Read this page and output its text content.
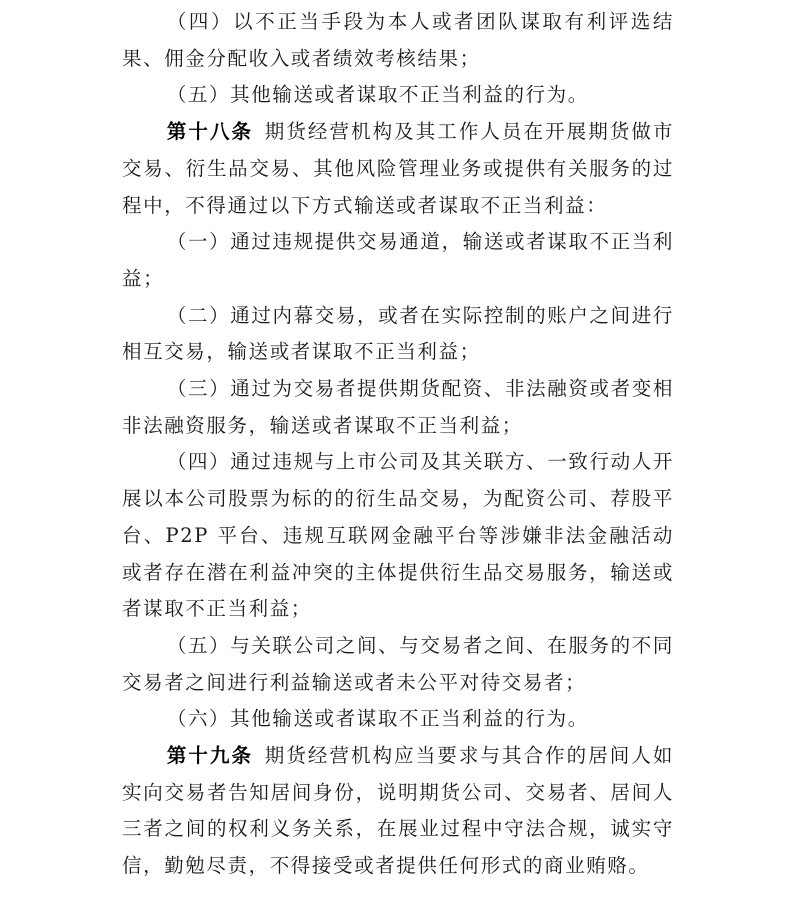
（四）以不正当手段为本人或者团队谋取有利评选结果、佣金分配收入或者绩效考核结果；

（五）其他输送或者谋取不正当利益的行为。

第十八条 期货经营机构及其工作人员在开展期货做市交易、衍生品交易、其他风险管理业务或提供有关服务的过程中，不得通过以下方式输送或者谋取不正当利益：

（一）通过违规提供交易通道，输送或者谋取不正当利益；

（二）通过内幕交易，或者在实际控制的账户之间进行相互交易，输送或者谋取不正当利益；

（三）通过为交易者提供期货配资、非法融资或者变相非法融资服务，输送或者谋取不正当利益；

（四）通过违规与上市公司及其关联方、一致行动人开展以本公司股票为标的的衍生品交易，为配资公司、荐股平台、P2P 平台、违规互联网金融平台等涉嫌非法金融活动或者存在潜在利益冲突的主体提供衍生品交易服务，输送或者谋取不正当利益；

（五）与关联公司之间、与交易者之间、在服务的不同交易者之间进行利益输送或者未公平对待交易者；

（六）其他输送或者谋取不正当利益的行为。

第十九条 期货经营机构应当要求与其合作的居间人如实向交易者告知居间身份，说明期货公司、交易者、居间人三者之间的权利义务关系，在展业过程中守法合规，诚实守信，勤勉尽责，不得接受或者提供任何形式的商业贿赂。
